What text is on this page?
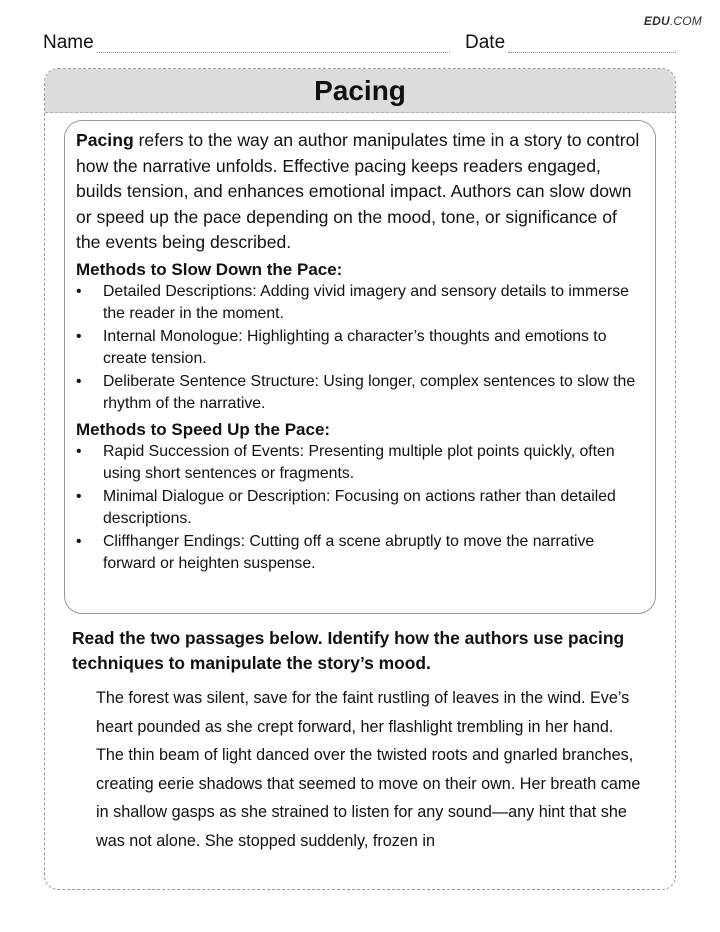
EDU.COM
Name	Date
Pacing

Pacing refers to the way an author manipulates time in a story to control how the narrative unfolds. Effective pacing keeps readers engaged, builds tension, and enhances emotional impact. Authors can slow down or speed up the pace depending on the mood, tone, or significance of the events being described.

Methods to Slow Down the Pace:
•	Detailed Descriptions: Adding vivid imagery and sensory details to immerse the reader in the moment.
•	Internal Monologue: Highlighting a character’s thoughts and emotions to create tension.
•	Deliberate Sentence Structure: Using longer, complex sentences to slow the rhythm of the narrative.
Methods to Speed Up the Pace:
•	Rapid Succession of Events: Presenting multiple plot points quickly, often using short sentences or fragments.
•	Minimal Dialogue or Description: Focusing on actions rather than detailed descriptions.
•	Cliffhanger Endings: Cutting off a scene abruptly to move the narrative forward or heighten suspense.

Read the two passages below. Identify how the authors use pacing techniques to manipulate the story’s mood.

The forest was silent, save for the faint rustling of leaves in the wind. Eve’s heart pounded as she crept forward, her flashlight trembling in her hand. The thin beam of light danced over the twisted roots and gnarled branches, creating eerie shadows that seemed to move on their own. Her breath came in shallow gasps as she strained to listen for any sound—any hint that she was not alone. She stopped suddenly, frozen in
